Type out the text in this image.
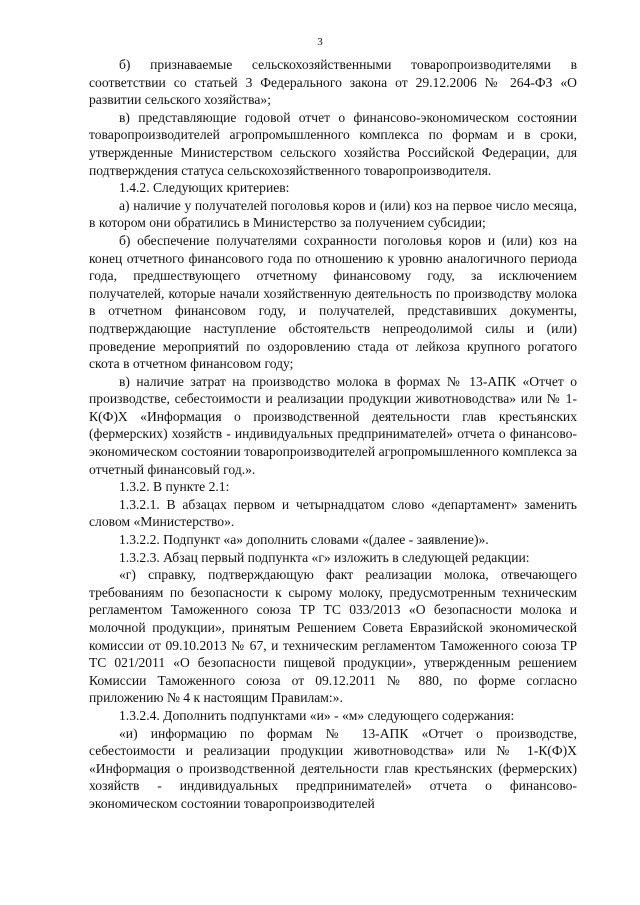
3

б) признаваемые сельскохозяйственными товаропроизводителями в соответствии со статьей 3 Федерального закона от 29.12.2006 № 264-ФЗ «О развитии сельского хозяйства»;

в) представляющие годовой отчет о финансово-экономическом состоянии товаропроизводителей агропромышленного комплекса по формам и в сроки, утвержденные Министерством сельского хозяйства Российской Федерации, для подтверждения статуса сельскохозяйственного товаропроизводителя.

1.4.2. Следующих критериев:

а) наличие у получателей поголовья коров и (или) коз на первое число месяца, в котором они обратились в Министерство за получением субсидии;

б) обеспечение получателями сохранности поголовья коров и (или) коз на конец отчетного финансового года по отношению к уровню аналогичного периода года, предшествующего отчетному финансовому году, за исключением получателей, которые начали хозяйственную деятельность по производству молока в отчетном финансовом году, и получателей, представивших документы, подтверждающие наступление обстоятельств непреодолимой силы и (или) проведение мероприятий по оздоровлению стада от лейкоза крупного рогатого скота в отчетном финансовом году;

в) наличие затрат на производство молока в формах № 13-АПК «Отчет о производстве, себестоимости и реализации продукции животноводства» или № 1-К(Ф)Х «Информация о производственной деятельности глав крестьянских (фермерских) хозяйств - индивидуальных предпринимателей» отчета о финансово-экономическом состоянии товаропроизводителей агропромышленного комплекса за отчетный финансовый год.».

1.3.2. В пункте 2.1:

1.3.2.1. В абзацах первом и четырнадцатом слово «департамент» заменить словом «Министерство».

1.3.2.2. Подпункт «а» дополнить словами «(далее - заявление)».

1.3.2.3. Абзац первый подпункта «г» изложить в следующей редакции:

«г) справку, подтверждающую факт реализации молока, отвечающего требованиям по безопасности к сырому молоку, предусмотренным техническим регламентом Таможенного союза ТР ТС 033/2013 «О безопасности молока и молочной продукции», принятым Решением Совета Евразийской экономической комиссии от 09.10.2013 № 67, и техническим регламентом Таможенного союза ТР ТС 021/2011 «О безопасности пищевой продукции», утвержденным решением Комиссии Таможенного союза от 09.12.2011 № 880, по форме согласно приложению № 4 к настоящим Правилам:».

1.3.2.4. Дополнить подпунктами «и» - «м» следующего содержания:

«и) информацию по формам № 13-АПК «Отчет о производстве, себестоимости и реализации продукции животноводства» или № 1-К(Ф)Х «Информация о производственной деятельности глав крестьянских (фермерских) хозяйств - индивидуальных предпринимателей» отчета о финансово-экономическом состоянии товаропроизводителей
